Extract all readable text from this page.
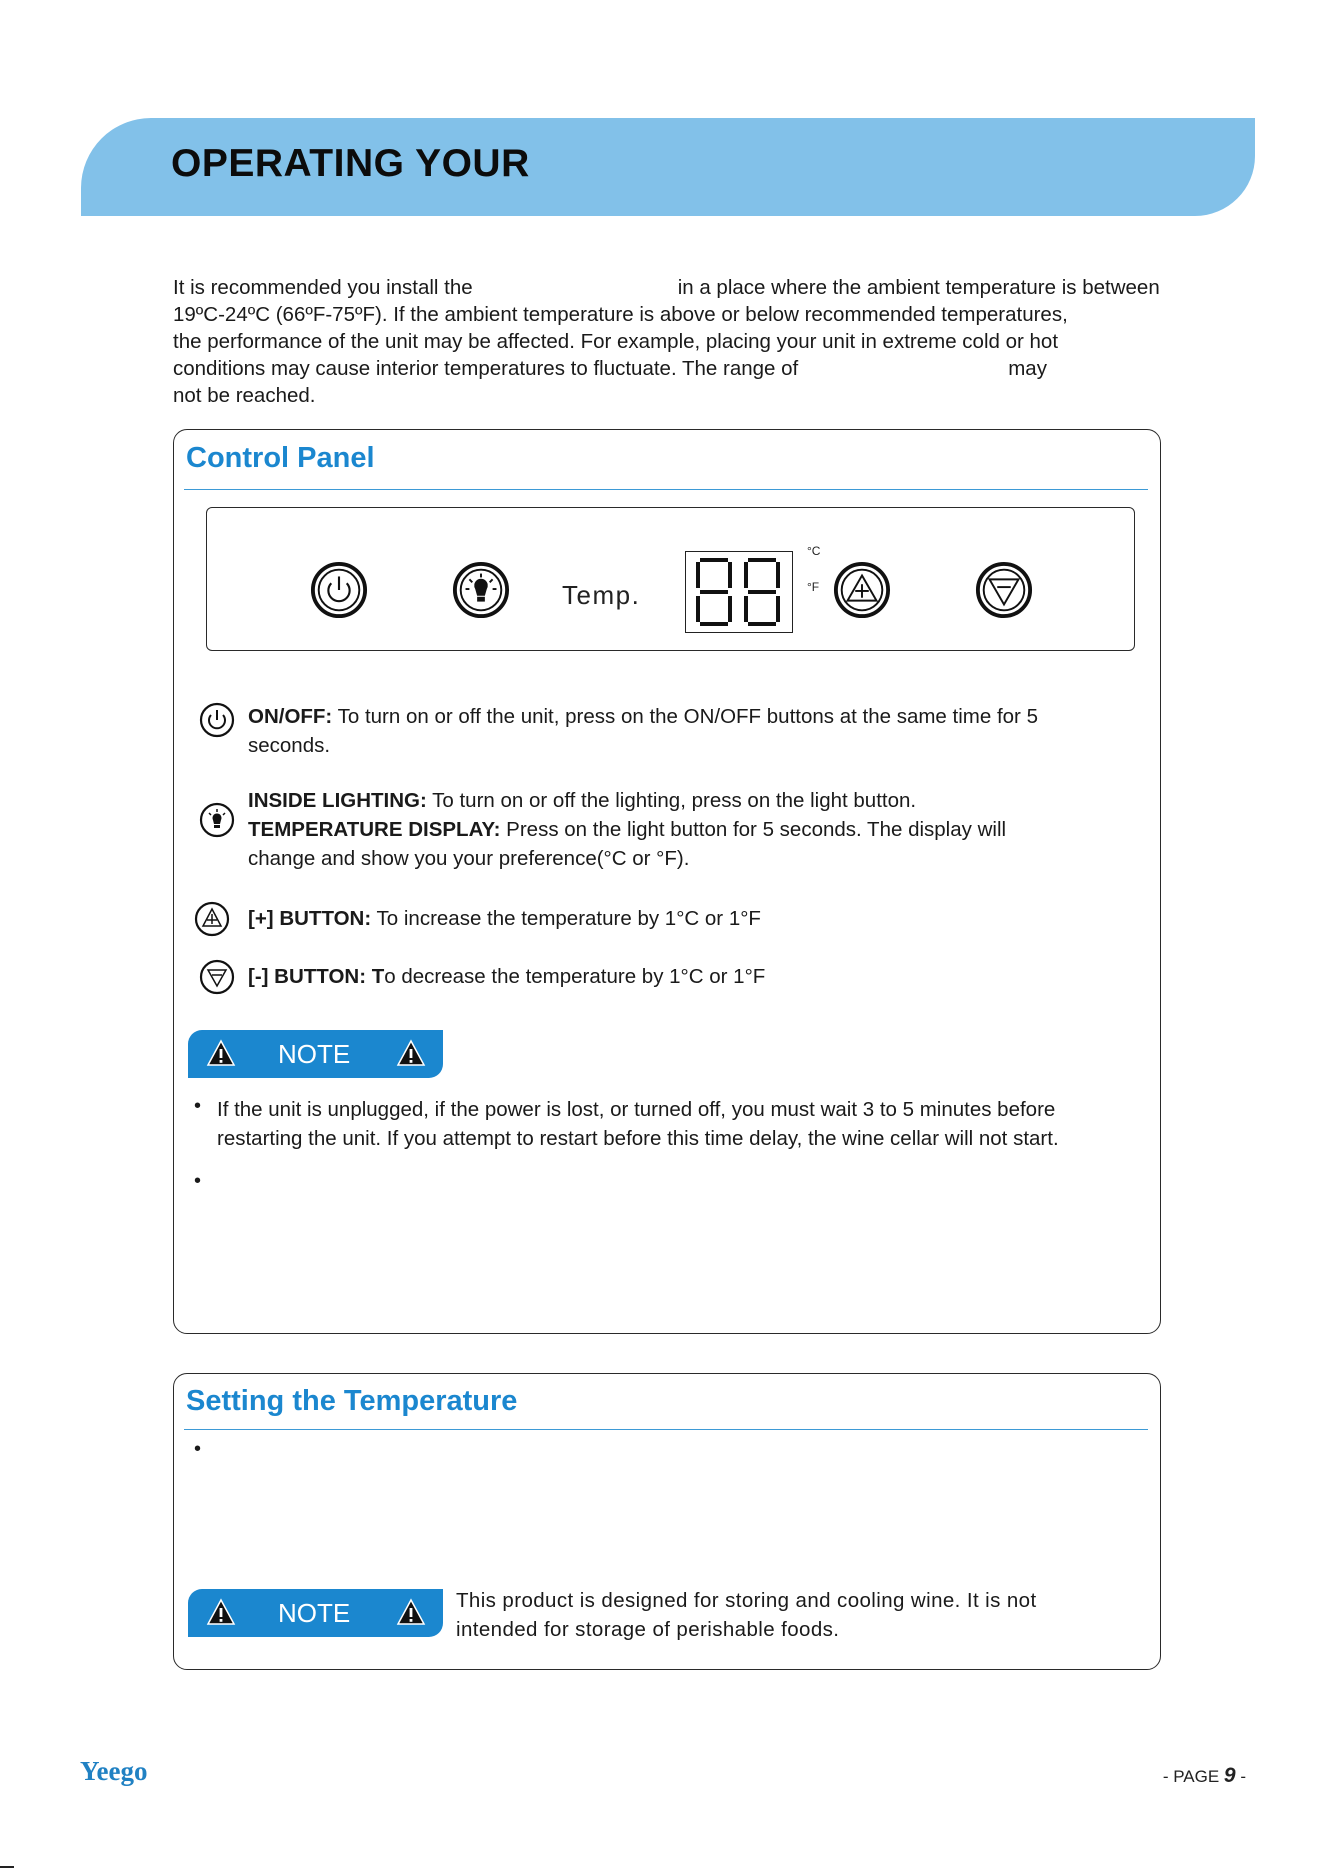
OPERATING YOUR
It is recommended you install the	in a place where the ambient temperature is between
19ºC-24ºC (66ºF-75ºF). If the ambient temperature is above or below recommended temperatures,
the performance of the unit may be affected. For example, placing your unit in extreme cold or hot
conditions may cause interior temperatures to fluctuate. The range of	may
not be reached.
Control Panel
Temp.
°C
°F
ON/OFF: To turn on or off the unit, press on the ON/OFF buttons at the same time for 5
seconds.
INSIDE LIGHTING: To turn on or off the lighting, press on the light button.
TEMPERATURE DISPLAY: Press on the light button for 5 seconds. The display will
change and show you your preference(°C or °F).
[+] BUTTON: To increase the temperature by 1°C or 1°F
[-] BUTTON: To decrease the temperature by 1°C or 1°F
NOTE
• If the unit is unplugged, if the power is lost, or turned off, you must wait 3 to 5 minutes before
restarting the unit. If you attempt to restart before this time delay, the wine cellar will not start.
•
Setting the Temperature
•
NOTE	This product is designed for storing and cooling wine. It is not
intended for storage of perishable foods.
Yeego	- PAGE 9 -
